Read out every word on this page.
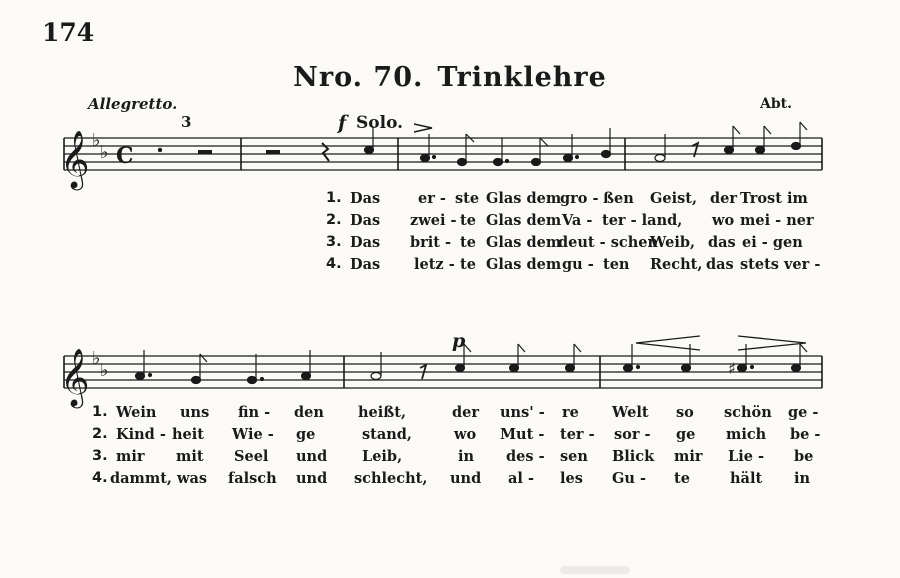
174
Nro. 70. Trinklehre
Allegretto.	Abt.
3	f Solo.
p
𝄞
𝄞
♭
♭
♭
♭
C
♯
1. Das	er - ste Glas dem
gro - ßen Geist, der Trost im
2. Das zwei - te Glas dem Va - ter - land, wo mei - ner
3. Das brit - te Glas dem
deut - schen
Weib, das ei - gen
4. Das letz - te Glas dem gu - ten Recht, das stets ver -
1. Wein uns fin - den heißt,	der uns' - re Welt so schön ge -
2. Kind - heit Wie - ge	stand,	wo Mut - ter - sor - ge mich be -
3. mir mit Seel und Leib,	in des - sen Blick mir Lie - be
4. dammt, was falsch und schlecht, und al - les Gu - te	hält in
